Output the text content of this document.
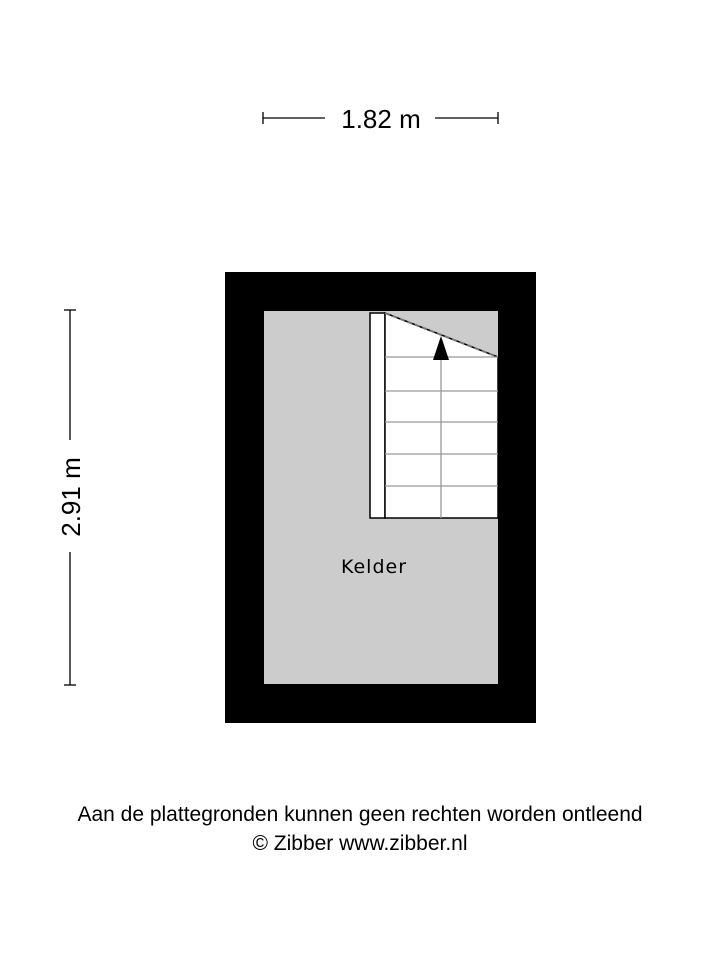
1.82 m
2.91 m
Kelder
Aan de plattegronden kunnen geen rechten worden ontleend
© Zibber www.zibber.nl
